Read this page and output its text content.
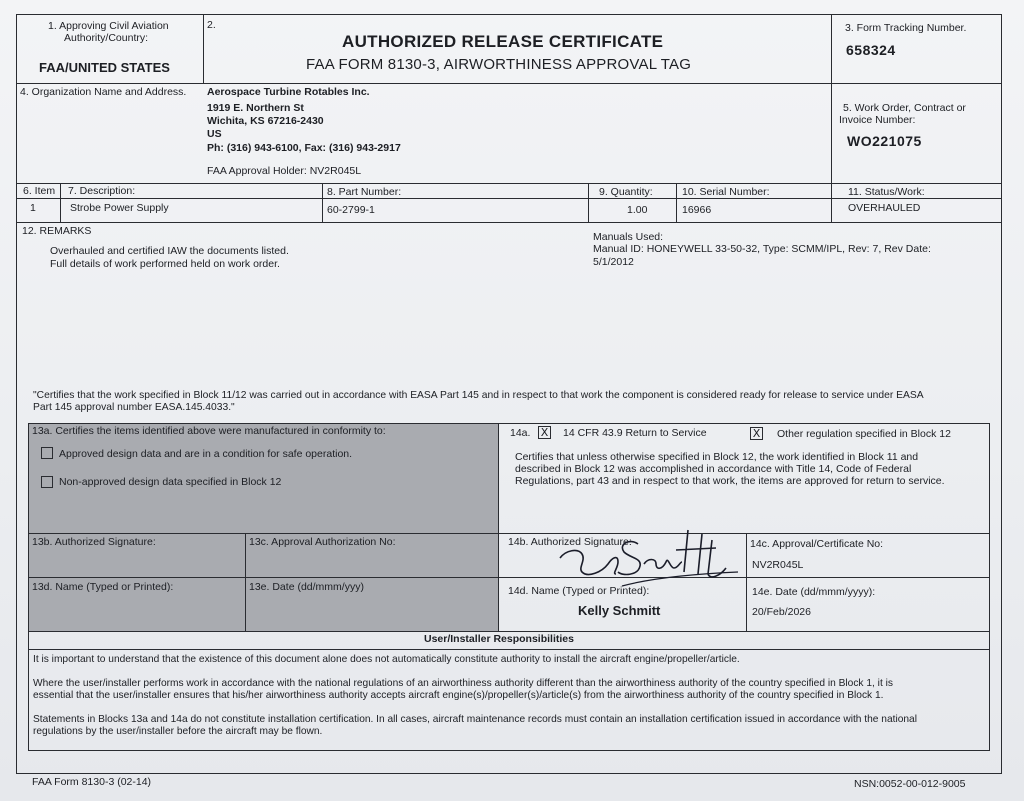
1. Approving Civil Aviation
Authority/Country:
FAA/UNITED STATES
2.
AUTHORIZED RELEASE CERTIFICATE
FAA FORM 8130-3, AIRWORTHINESS APPROVAL TAG
3. Form Tracking Number.
658324
4. Organization Name and Address. Aerospace Turbine Rotables Inc.
1919 E. Northern St
Wichita, KS 67216-2430
US
Ph: (316) 943-6100, Fax: (316) 943-2917
FAA Approval Holder: NV2R045L
5. Work Order, Contract or
Invoice Number:
WO221075
6. Item 7. Description:	8. Part Number:	9. Quantity:	10. Serial Number:	11. Status/Work:
1	Strobe Power Supply	60-2799-1	1.00	16966	OVERHAULED
12. REMARKS
Overhauled and certified IAW the documents listed.
Full details of work performed held on work order.
Manuals Used:
Manual ID: HONEYWELL 33-50-32, Type: SCMM/IPL, Rev: 7, Rev Date:
5/1/2012
"Certifies that the work specified in Block 11/12 was carried out in accordance with EASA Part 145 and in respect to that work the component is considered ready for release to service under EASA
Part 145 approval number EASA.145.4033."
13a. Certifies the items identified above were manufactured in conformity to:
Approved design data and are in a condition for safe operation.
Non-approved design data specified in Block 12
13b. Authorized Signature:	13c. Approval Authorization No:
13d. Name (Typed or Printed):	13e. Date (dd/mmm/yyy)
14a. X 14 CFR 43.9 Return to Service	X Other regulation specified in Block 12
Certifies that unless otherwise specified in Block 12, the work identified in Block 11 and
described in Block 12 was accomplished in accordance with Title 14, Code of Federal
Regulations, part 43 and in respect to that work, the items are approved for return to service.
14b. Authorized Signature:	14c. Approval/Certificate No:
NV2R045L
14d. Name (Typed or Printed):
Kelly Schmitt
14e. Date (dd/mmm/yyyy):
20/Feb/2026
User/Installer Responsibilities
It is important to understand that the existence of this document alone does not automatically constitute authority to install the aircraft engine/propeller/article.
Where the user/installer performs work in accordance with the national regulations of an airworthiness authority different than the airworthiness authority of the country specified in Block 1, it is
essential that the user/installer ensures that his/her airworthiness authority accepts aircraft engine(s)/propeller(s)/article(s) from the airworthiness authority of the country specified in Block 1.
Statements in Blocks 13a and 14a do not constitute installation certification. In all cases, aircraft maintenance records must contain an installation certification issued in accordance with the national
regulations by the user/installer before the aircraft may be flown.
FAA Form 8130-3 (02-14)	NSN:0052-00-012-9005
